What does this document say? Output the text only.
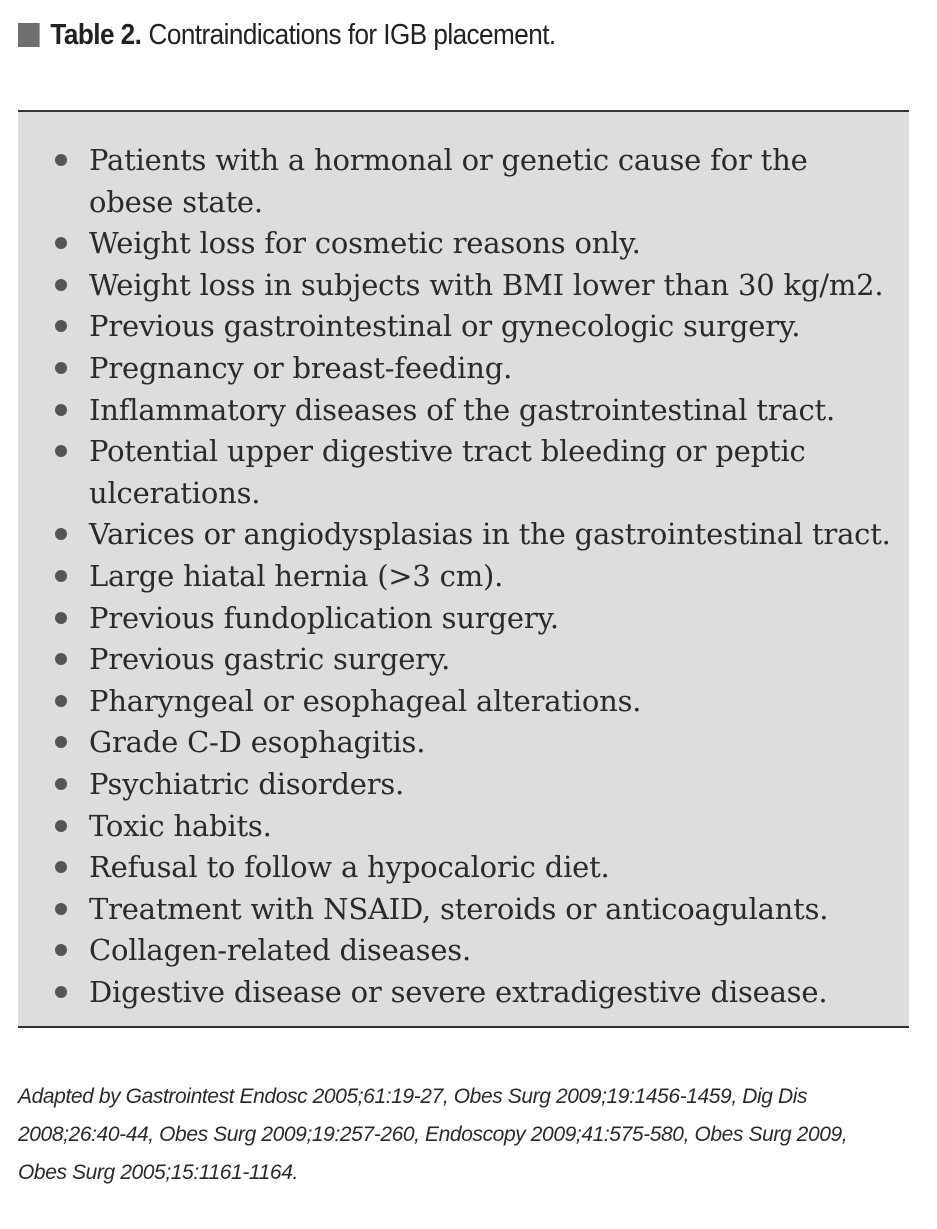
Table 2. Contraindications for IGB placement.
Patients with a hormonal or genetic cause for the obese state.
Weight loss for cosmetic reasons only.
Weight loss in subjects with BMI lower than 30 kg/m2.
Previous gastrointestinal or gynecologic surgery.
Pregnancy or breast-feeding.
Inflammatory diseases of the gastrointestinal tract.
Potential upper digestive tract bleeding or peptic ulcerations.
Varices or angiodysplasias in the gastrointestinal tract.
Large hiatal hernia (>3 cm).
Previous fundoplication surgery.
Previous gastric surgery.
Pharyngeal or esophageal alterations.
Grade C-D esophagitis.
Psychiatric disorders.
Toxic habits.
Refusal to follow a hypocaloric diet.
Treatment with NSAID, steroids or anticoagulants.
Collagen-related diseases.
Digestive disease or severe extradigestive disease.
Adapted by Gastrointest Endosc 2005;61:19-27, Obes Surg 2009;19:1456-1459, Dig Dis
2008;26:40-44, Obes Surg 2009;19:257-260, Endoscopy 2009;41:575-580, Obes Surg 2009,
Obes Surg 2005;15:1161-1164.
